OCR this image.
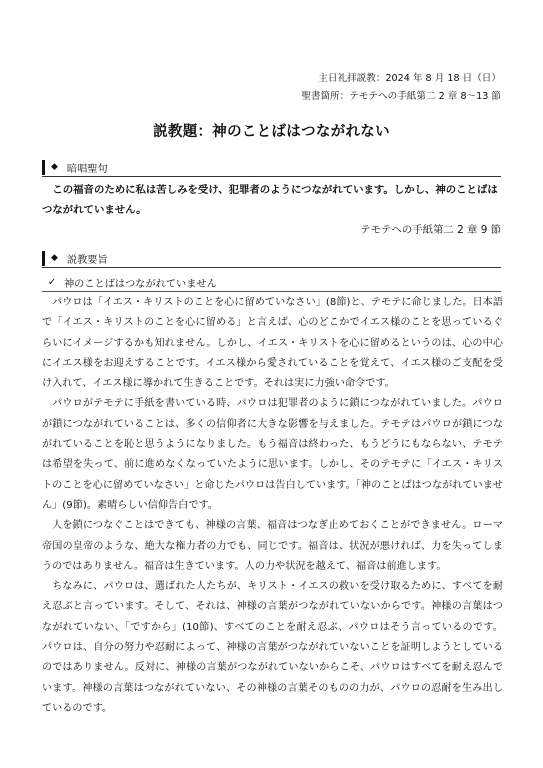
主日礼拝説教：2024 年 8 月 18 日（日）
聖書箇所：テモテへの手紙第二 2 章 8～13 節
説教題：神のことばはつながれない
◆ 暗唱聖句
この福音のために私は苦しみを受け、犯罪者のようにつながれています。しかし、神のことばはつながれていません。
テモテへの手紙第二 2 章 9 節
◆ 説教要旨
✓ 神のことばはつながれていません

パウロは「イエス・キリストのことを心に留めていなさい」(8節)と、テモテに命じました。日本語で「イエス・キリストのことを心に留める」と言えば、心のどこかでイエス様のことを思っているぐらいにイメージするかも知れません。しかし、イエス・キリストを心に留めるというのは、心の中心にイエス様をお迎えすることです。イエス様から愛されていることを覚えて、イエス様のご支配を受け入れて、イエス様に導かれて生きることです。それは実に力強い命令です。

パウロがテモテに手紙を書いている時、パウロは犯罪者のように鎖につながれていました。パウロが鎖につながれていることは、多くの信仰者に大きな影響を与えました。テモテはパウロが鎖につながれていることを恥と思うようになりました。もう福音は終わった、もうどうにもならない、テモテは希望を失って、前に進めなくなっていたように思います。しかし、そのテモテに「イエス・キリストのことを心に留めていなさい」と命じたパウロは告白しています。「神のことばはつながれていません」(9節)。素晴らしい信仰告白です。

人を鎖につなぐことはできても、神様の言葉、福音はつなぎ止めておくことができません。ローマ帝国の皇帝のような、絶大な権力者の力でも、同じです。福音は、状況が悪ければ、力を失ってしまうのではありません。福音は生きています。人の力や状況を越えて、福音は前進します。

ちなみに、パウロは、選ばれた人たちが、キリスト・イエスの救いを受け取るために、すべてを耐え忍ぶと言っています。そして、それは、神様の言葉がつながれていないからです。神様の言葉はつながれていない、「ですから」(10節)、すべてのことを耐え忍ぶ、パウロはそう言っているのです。パウロは、自分の努力や忍耐によって、神様の言葉がつながれていないことを証明しようとしているのではありません。反対に、神様の言葉がつながれていないからこそ、パウロはすべてを耐え忍んでいます。神様の言葉はつながれていない、その神様の言葉そのものの力が、パウロの忍耐を生み出しているのです。
